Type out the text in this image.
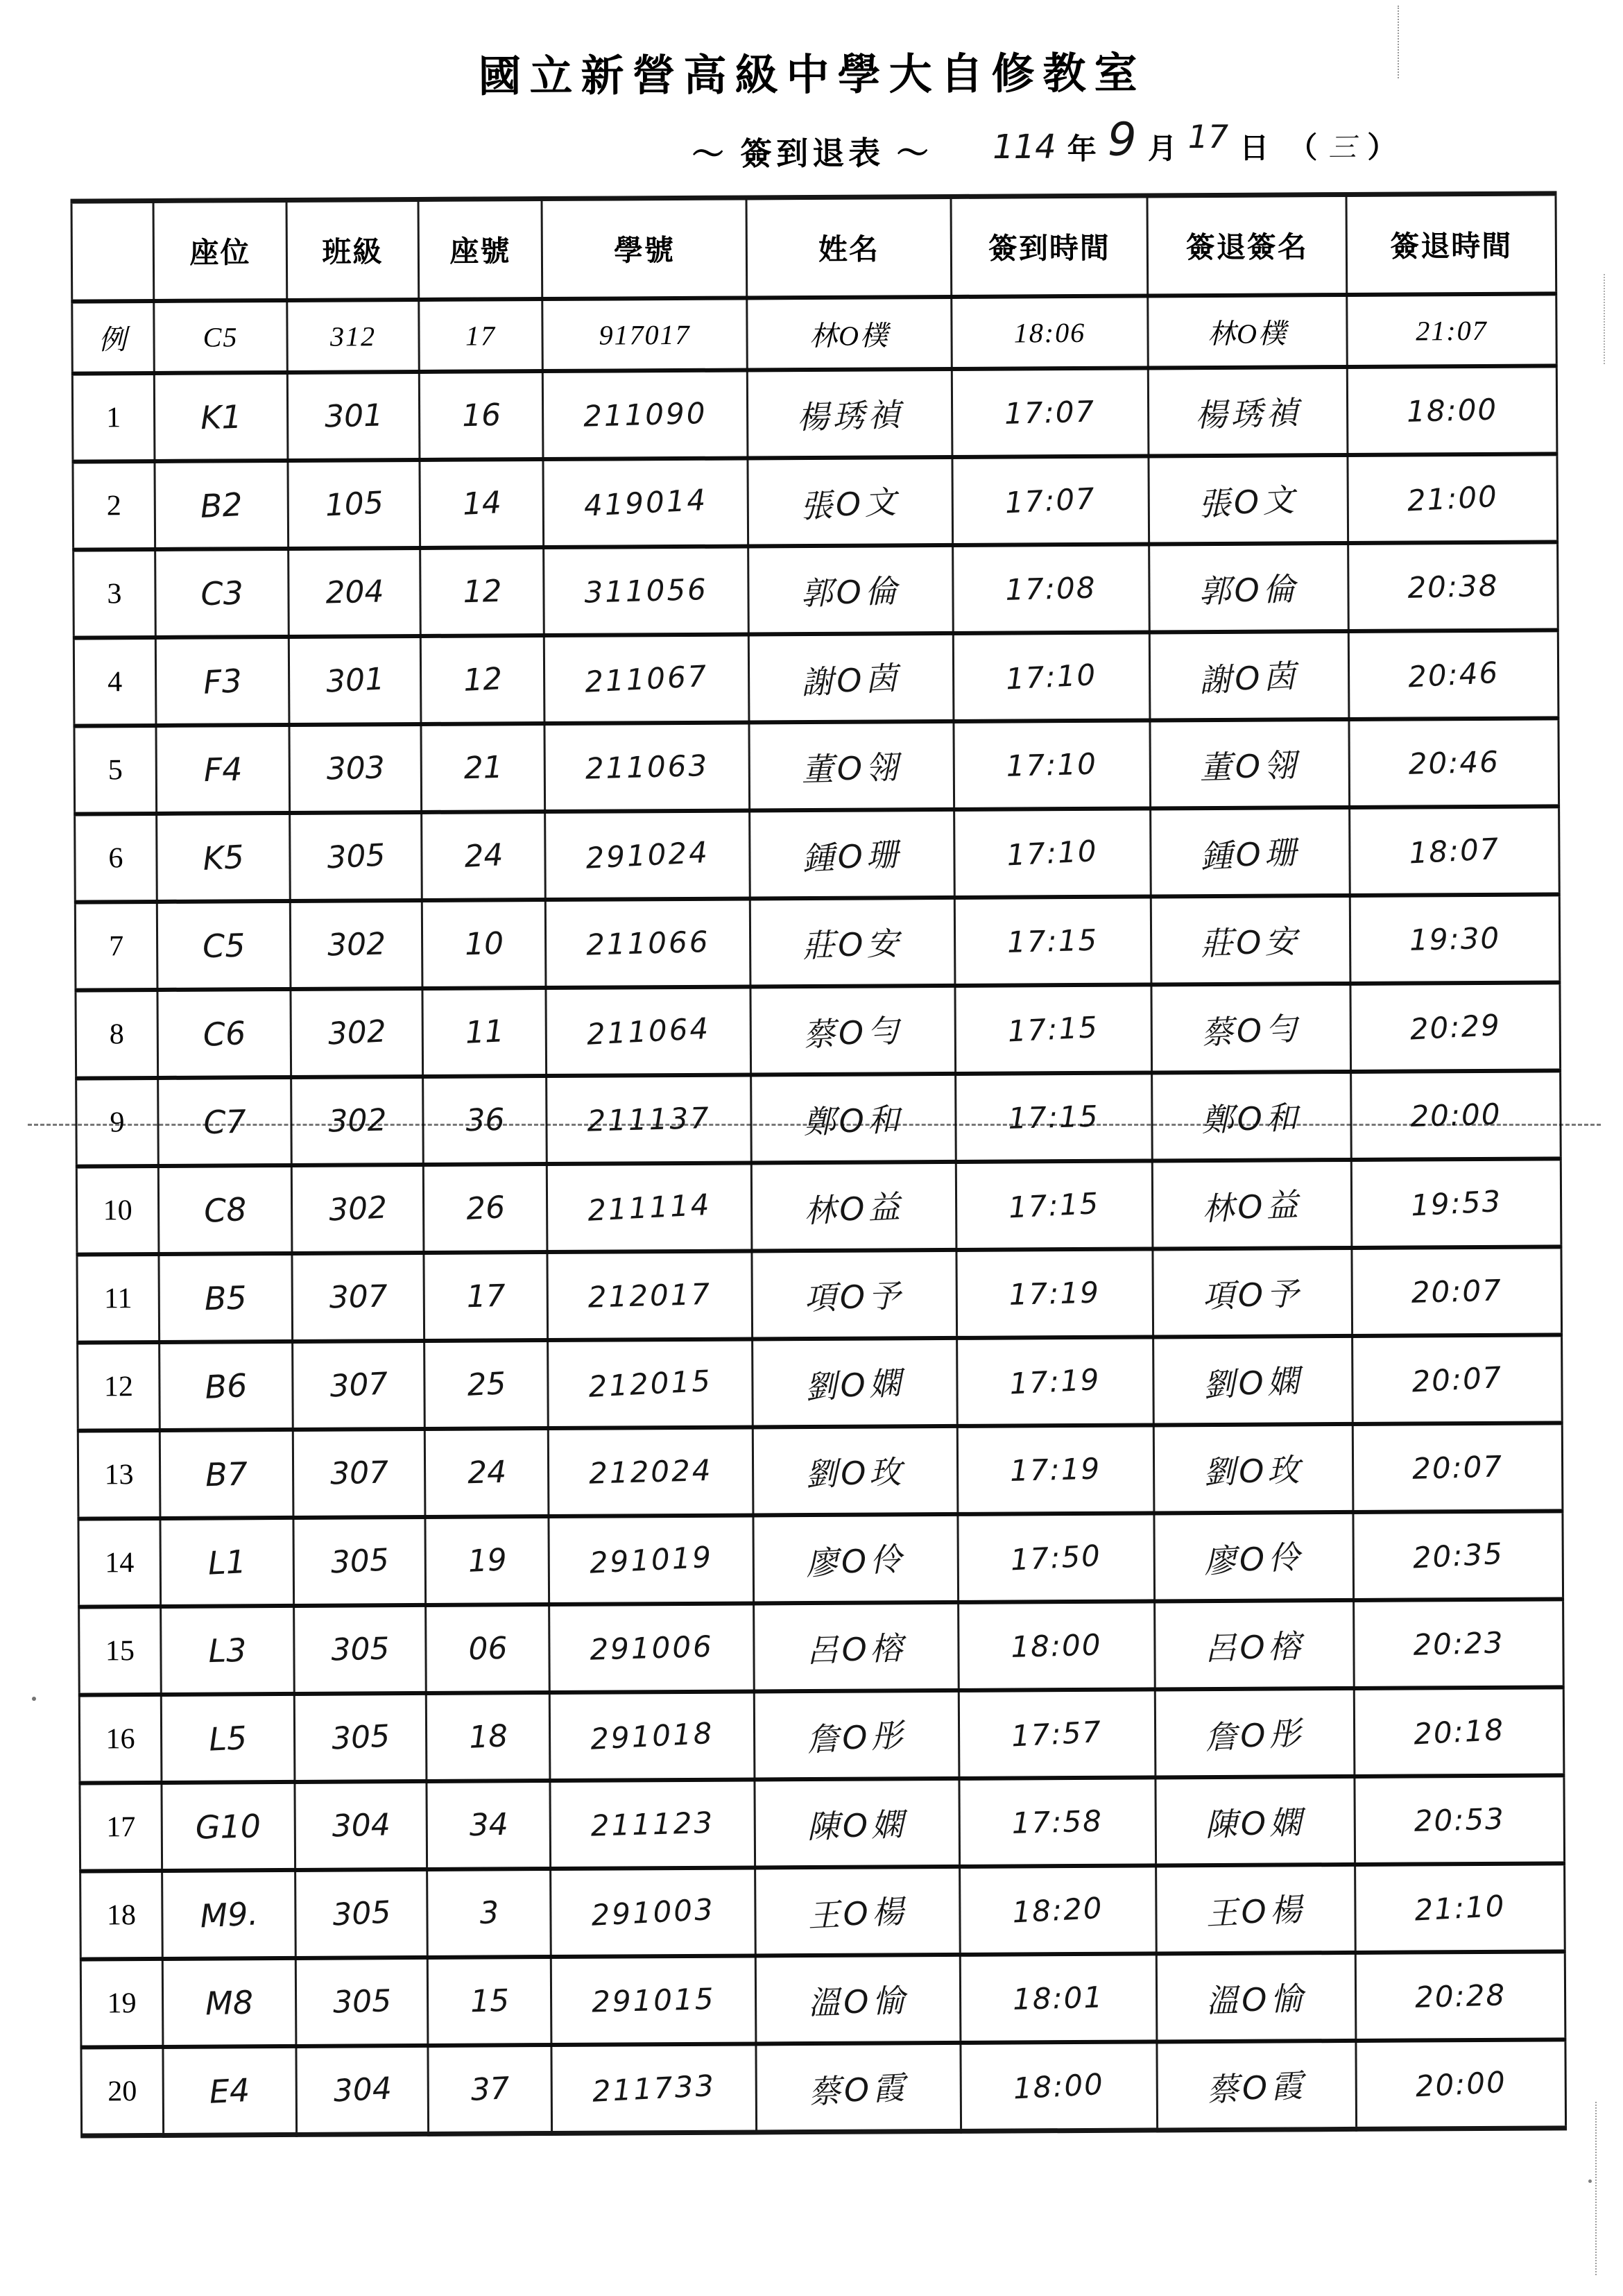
國立新營高級中學大自修教室
～ 簽到退表 ～ 114 年 9 月 17 日 （ 三 ）
	座位	班級	座號	學號	姓名	簽到時間	簽退簽名	簽退時間
例	C5	312	17	917017	林O樸	18:06	林O樸	21:07
1	K1	301	16	211090	楊琇禎	17:07	楊琇禎	18:00
2	B2	105	14	419014	張O文	17:07	張O文	21:00
3	C3	204	12	311056	郭O倫	17:08	郭O倫	20:38
4	F3	301	12	211067	謝O茵	17:10	謝O茵	20:46
5	F4	303	21	211063	董O翎	17:10	董O翎	20:46
6	K5	305	24	291024	鍾O珊	17:10	鍾O珊	18:07
7	C5	302	10	211066	莊O安	17:15	莊O安	19:30
8	C6	302	11	211064	蔡O勻	17:15	蔡O勻	20:29
9	C7	302	36	211137	鄭O和	17:15	鄭O和	20:00
10	C8	302	26	211114	林O益	17:15	林O益	19:53
11	B5	307	17	212017	項O予	17:19	項O予	20:07
12	B6	307	25	212015	劉O嫻	17:19	劉O嫻	20:07
13	B7	307	24	212024	劉O玫	17:19	劉O玫	20:07
14	L1	305	19	291019	廖O伶	17:50	廖O伶	20:35
15	L3	305	06	291006	呂O榕	18:00	呂O榕	20:23
16	L5	305	18	291018	詹O彤	17:57	詹O彤	20:18
17	G10	304	34	211123	陳O嫻	17:58	陳O嫻	20:53
18	M9.	305	3	291003	王O楊	18:20	王O楊	21:10
19	M8	305	15	291015	溫O愉	18:01	溫O愉	20:28
20	E4	304	37	211733	蔡O霞	18:00	蔡O霞	20:00
